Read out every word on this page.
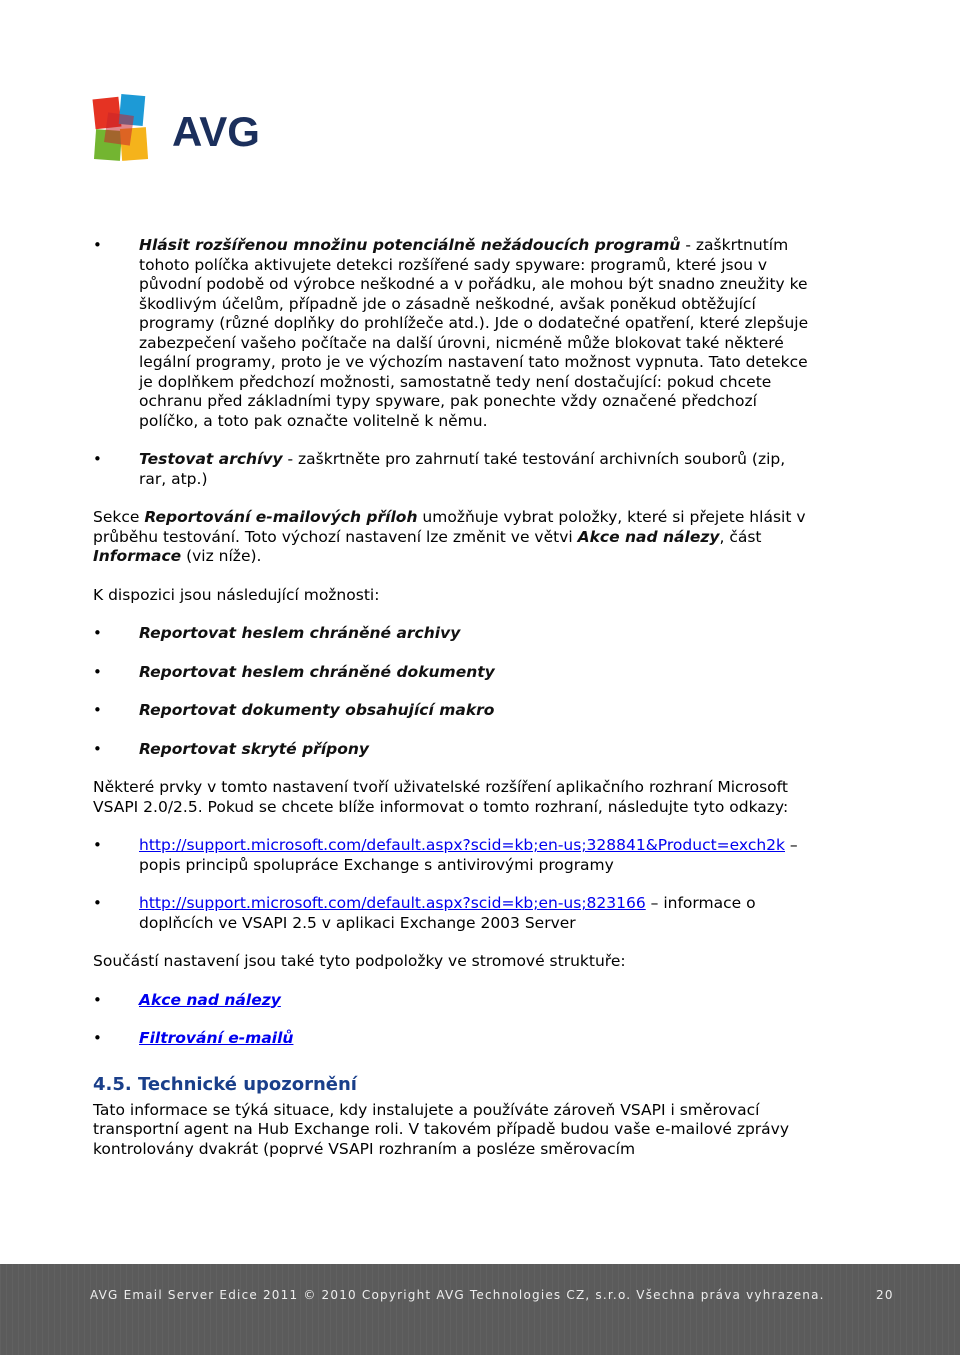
AVG
• Hlásit rozšířenou množinu potenciálně nežádoucích programů - zaškrtnutím tohoto políčka aktivujete detekci rozšířené sady spyware: programů, které jsou v původní podobě od výrobce neškodné a v pořádku, ale mohou být snadno zneužity ke škodlivým účelům, případně jde o zásadně neškodné, avšak poněkud obtěžující programy (různé doplňky do prohlížeče atd.). Jde o dodatečné opatření, které zlepšuje zabezpečení vašeho počítače na další úrovni, nicméně může blokovat také některé legální programy, proto je ve výchozím nastavení tato možnost vypnuta. Tato detekce je doplňkem předchozí možnosti, samostatně tedy není dostačující: pokud chcete ochranu před základními typy spyware, pak ponechte vždy označené předchozí políčko, a toto pak označte volitelně k němu.
• Testovat archívy - zaškrtněte pro zahrnutí také testování archivních souborů (zip, rar, atp.)

Sekce Reportování e-mailových příloh umožňuje vybrat položky, které si přejete hlásit v průběhu testování. Toto výchozí nastavení lze změnit ve větvi Akce nad nálezy, část Informace (viz níže).

K dispozici jsou následující možnosti:

• Reportovat heslem chráněné archivy
• Reportovat heslem chráněné dokumenty
• Reportovat dokumenty obsahující makro
• Reportovat skryté přípony

Některé prvky v tomto nastavení tvoří uživatelské rozšíření aplikačního rozhraní Microsoft VSAPI 2.0/2.5. Pokud se chcete blíže informovat o tomto rozhraní, následujte tyto odkazy:

• http://support.microsoft.com/default.aspx?scid=kb;en-us;328841&Product=exch2k – popis principů spolupráce Exchange s antivirovými programy
• http://support.microsoft.com/default.aspx?scid=kb;en-us;823166 – informace o doplňcích ve VSAPI 2.5 v aplikaci Exchange 2003 Server

Součástí nastavení jsou také tyto podpoložky ve stromové struktuře:

• Akce nad nálezy
• Filtrování e-mailů
4.5. Technické upozornění

Tato informace se týká situace, kdy instalujete a používáte zároveň VSAPI i směrovací transportní agent na Hub Exchange roli. V takovém případě budou vaše e-mailové zprávy kontrolovány dvakrát (poprvé VSAPI rozhraním a posléze směrovacím

AVG Email Server Edice 2011 © 2010 Copyright AVG Technologies CZ, s.r.o. Všechna práva vyhrazena.	20
